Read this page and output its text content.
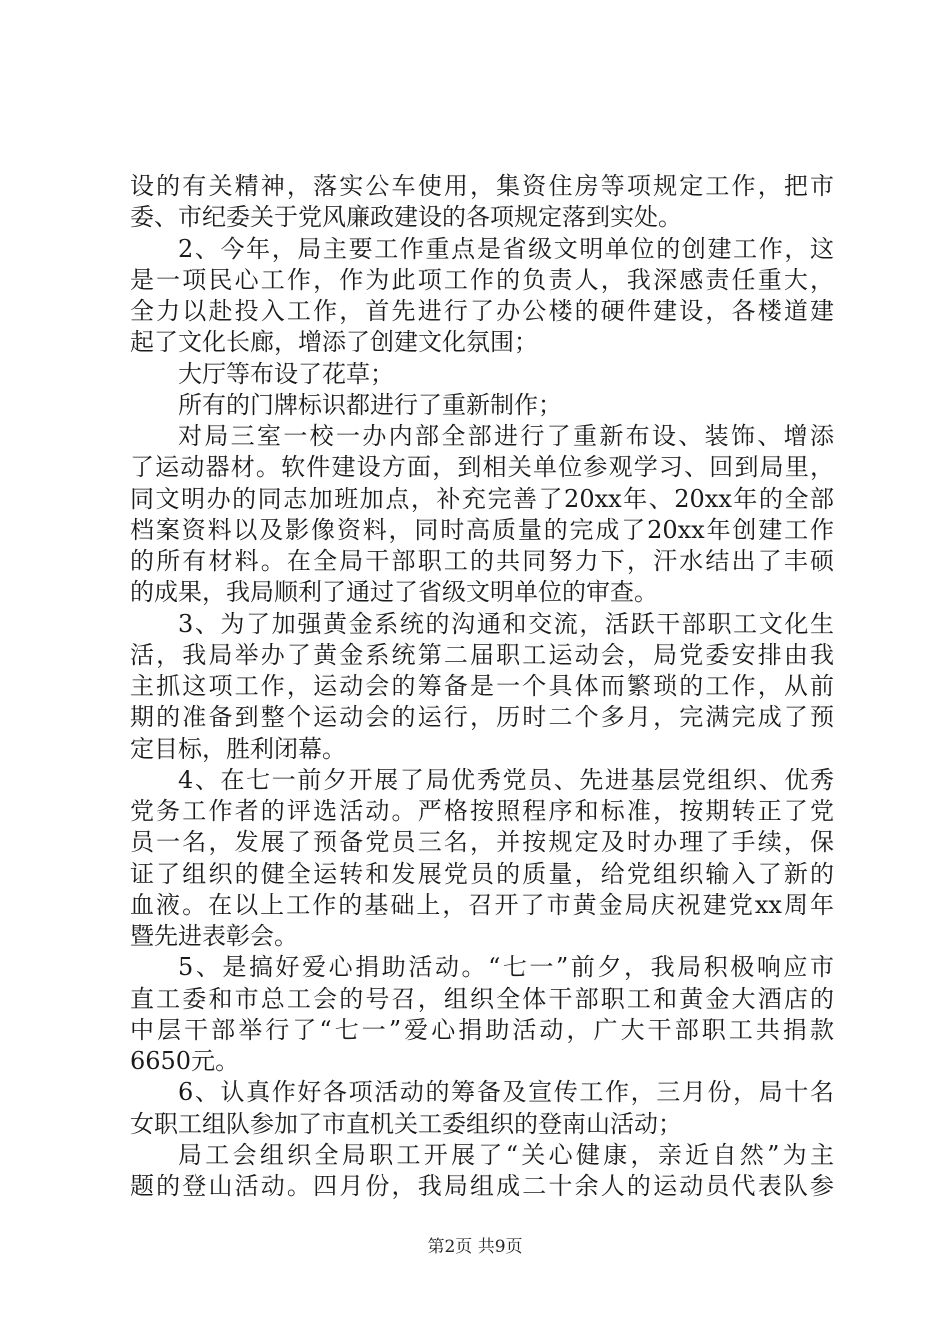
设的有关精神，落实公车使用，集资住房等项规定工作，把市
委、市纪委关于党风廉政建设的各项规定落到实处。
2、今年，局主要工作重点是省级文明单位的创建工作，这
是一项民心工作，作为此项工作的负责人，我深感责任重大，
全力以赴投入工作，首先进行了办公楼的硬件建设，各楼道建
起了文化长廊，增添了创建文化氛围；
大厅等布设了花草；
所有的门牌标识都进行了重新制作；
对局三室一校一办内部全部进行了重新布设、装饰、增添
了运动器材。软件建设方面，到相关单位参观学习、回到局里，
同文明办的同志加班加点，补充完善了20xx年、20xx年的全部
档案资料以及影像资料，同时高质量的完成了20xx年创建工作
的所有材料。在全局干部职工的共同努力下，汗水结出了丰硕
的成果，我局顺利了通过了省级文明单位的审查。
3、为了加强黄金系统的沟通和交流，活跃干部职工文化生
活，我局举办了黄金系统第二届职工运动会，局党委安排由我
主抓这项工作，运动会的筹备是一个具体而繁琐的工作，从前
期的准备到整个运动会的运行，历时二个多月，完满完成了预
定目标，胜利闭幕。
4、在七一前夕开展了局优秀党员、先进基层党组织、优秀
党务工作者的评选活动。严格按照程序和标准，按期转正了党
员一名，发展了预备党员三名，并按规定及时办理了手续，保
证了组织的健全运转和发展党员的质量，给党组织输入了新的
血液。在以上工作的基础上，召开了市黄金局庆祝建党xx周年
暨先进表彰会。
5、是搞好爱心捐助活动。“七一”前夕，我局积极响应市
直工委和市总工会的号召，组织全体干部职工和黄金大酒店的
中层干部举行了“七一”爱心捐助活动，广大干部职工共捐款
6650元。
6、认真作好各项活动的筹备及宣传工作，三月份，局十名
女职工组队参加了市直机关工委组织的登南山活动；
局工会组织全局职工开展了“关心健康，亲近自然”为主
题的登山活动。四月份，我局组成二十余人的运动员代表队参
第2页 共9页
